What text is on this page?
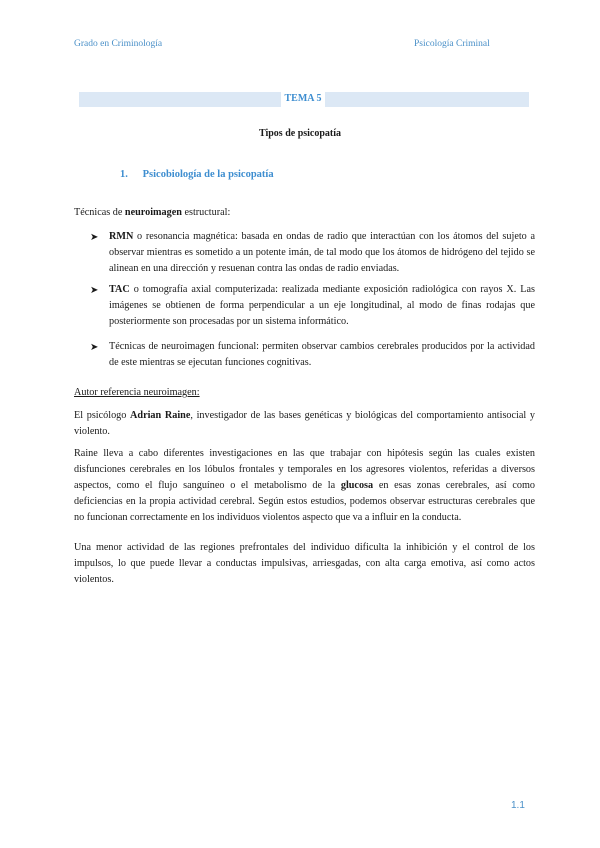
Grado en Criminología	Psicología Criminal
TEMA 5
Tipos de psicopatía
1. Psicobiología de la psicopatía
Técnicas de neuroimagen estructural:
➤ RMN o resonancia magnética: basada en ondas de radio que interactúan con los átomos del sujeto a observar mientras es sometido a un potente imán, de tal modo que los átomos de hidrógeno del tejido se alinean en una dirección y resuenan contra las ondas de radio enviadas.
➤ TAC o tomografía axial computerizada: realizada mediante exposición radiológica con rayos X. Las imágenes se obtienen de forma perpendicular a un eje longitudinal, al modo de finas rodajas que posteriormente son procesadas por un sistema informático.
➤ Técnicas de neuroimagen funcional: permiten observar cambios cerebrales producidos por la actividad de este mientras se ejecutan funciones cognitivas.
Autor referencia neuroimagen:
El psicólogo Adrian Raine, investigador de las bases genéticas y biológicas del comportamiento antisocial y violento.
Raine lleva a cabo diferentes investigaciones en las que trabajar con hipótesis según las cuales existen disfunciones cerebrales en los lóbulos frontales y temporales en los agresores violentos, referidas a diversos aspectos, como el flujo sanguíneo o el metabolismo de la glucosa en esas zonas cerebrales, así como deficiencias en la propia actividad cerebral. Según estos estudios, podemos observar estructuras cerebrales que no funcionan correctamente en los individuos violentos aspecto que va a influir en la conducta.
Una menor actividad de las regiones prefrontales del individuo dificulta la inhibición y el control de los impulsos, lo que puede llevar a conductas impulsivas, arriesgadas, con alta carga emotiva, así como actos violentos.
1.1
